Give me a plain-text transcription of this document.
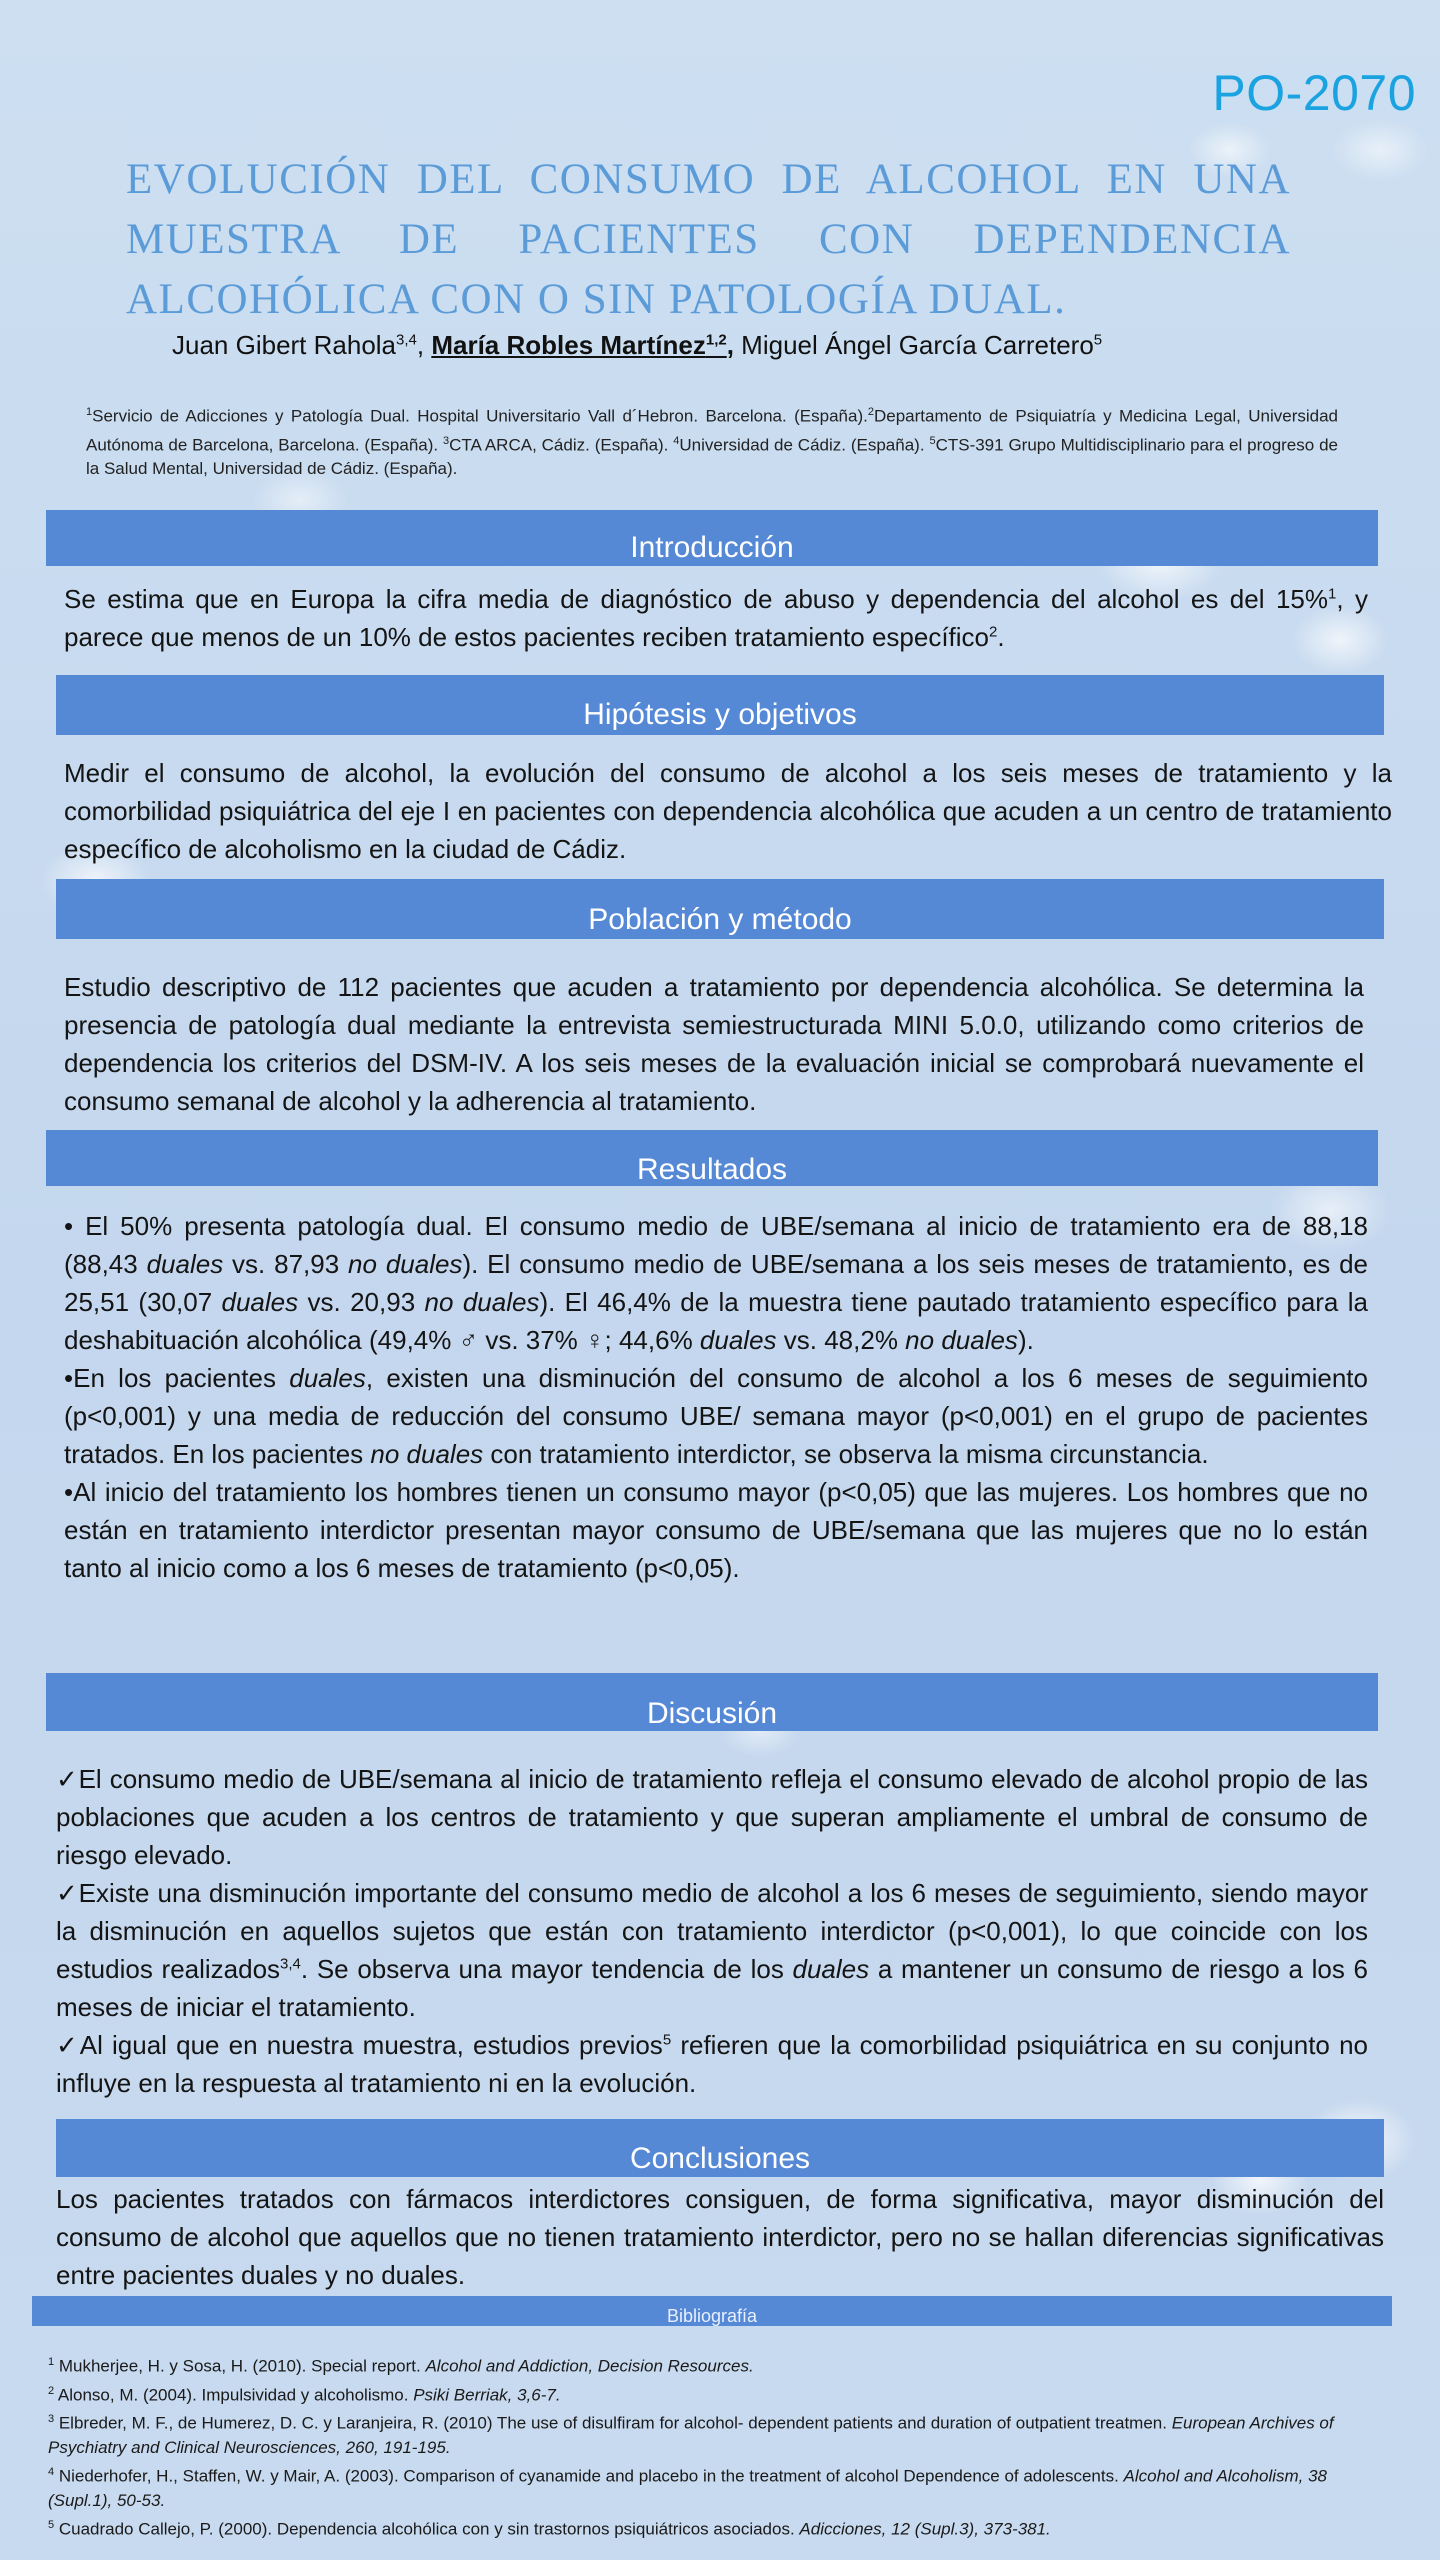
PO-2070
EVOLUCIÓN DEL CONSUMO DE ALCOHOL EN UNA
MUESTRA DE PACIENTES CON DEPENDENCIA
ALCOHÓLICA CON O SIN PATOLOGÍA DUAL.
Juan Gibert Rahola$^{3,4}$, María Robles Martínez$^{1,2}$, Miguel Ángel García Carretero$^5$
$^1$Servicio de Adicciones y Patología Dual. Hospital Universitario Vall d´Hebron. Barcelona. (España).$^2$Departamento de Psiquiatría y Medicina Legal, Universidad Autónoma de Barcelona, Barcelona. (España). $^3$CTA ARCA, Cádiz. (España). $^4$Universidad de Cádiz. (España). $^5$CTS-391 Grupo Multidisciplinario para el progreso de la Salud Mental, Universidad de Cádiz. (España).
Introducción
Se estima que en Europa la cifra media de diagnóstico de abuso y dependencia del alcohol es del 15%$^1$, y parece que menos de un 10% de estos pacientes reciben tratamiento específico$^2$.
Hipótesis y objetivos
Medir el consumo de alcohol, la evolución del consumo de alcohol a los seis meses de tratamiento y la comorbilidad psiquiátrica del eje I en pacientes con dependencia alcohólica que acuden a un centro de tratamiento específico de alcoholismo en la ciudad de Cádiz.
Población y método
Estudio descriptivo de 112 pacientes que acuden a tratamiento por dependencia alcohólica. Se determina la presencia de patología dual mediante la entrevista semiestructurada MINI 5.0.0, utilizando como criterios de dependencia los criterios del DSM-IV. A los seis meses de la evaluación inicial se comprobará nuevamente el consumo semanal de alcohol y la adherencia al tratamiento.
Resultados

• El 50% presenta patología dual. El consumo medio de UBE/semana al inicio de tratamiento era de 88,18 (88,43 duales vs. 87,93 no duales). El consumo medio de UBE/semana a los seis meses de tratamiento, es de 25,51 (30,07 duales vs. 20,93 no duales). El 46,4% de la muestra tiene pautado tratamiento específico para la deshabituación alcohólica (49,4% ♂ vs. 37% ♀; 44,6% duales vs. 48,2% no duales).

•En los pacientes duales, existen una disminución del consumo de alcohol a los 6 meses de seguimiento (p<0,001) y una media de reducción del consumo UBE/ semana mayor (p<0,001) en el grupo de pacientes tratados. En los pacientes no duales con tratamiento interdictor, se observa la misma circunstancia.

•Al inicio del tratamiento los hombres tienen un consumo mayor (p<0,05) que las mujeres. Los hombres que no están en tratamiento interdictor presentan mayor consumo de UBE/semana que las mujeres que no lo están tanto al inicio como a los 6 meses de tratamiento (p<0,05).

Discusión

✓El consumo medio de UBE/semana al inicio de tratamiento refleja el consumo elevado de alcohol propio de las poblaciones que acuden a los centros de tratamiento y que superan ampliamente el umbral de consumo de riesgo elevado.

✓Existe una disminución importante del consumo medio de alcohol a los 6 meses de seguimiento, siendo mayor la disminución en aquellos sujetos que están con tratamiento interdictor (p<0,001), lo que coincide con los estudios realizados$^{3,4}$. Se observa una mayor tendencia de los duales a mantener un consumo de riesgo a los 6 meses de iniciar el tratamiento.

✓Al igual que en nuestra muestra, estudios previos$^5$ refieren que la comorbilidad psiquiátrica en su conjunto no influye en la respuesta al tratamiento ni en la evolución.

Conclusiones
Los pacientes tratados con fármacos interdictores consiguen, de forma significativa, mayor disminución del consumo de alcohol que aquellos que no tienen tratamiento interdictor, pero no se hallan diferencias significativas entre pacientes duales y no duales.
Bibliografía

$^1$ Mukherjee, H. y Sosa, H. (2010). Special report. Alcohol and Addiction, Decision Resources.

$^2$ Alonso, M. (2004). Impulsividad y alcoholismo. Psiki Berriak, 3,6-7.

$^3$ Elbreder, M. F., de Humerez, D. C. y Laranjeira, R. (2010) The use of disulfiram for alcohol- dependent patients and duration of outpatient treatmen. European Archives of Psychiatry and Clinical Neurosciences, 260, 191-195.

$^4$ Niederhofer, H., Staffen, W. y Mair, A. (2003). Comparison of cyanamide and placebo in the treatment of alcohol Dependence of adolescents. Alcohol and Alcoholism, 38 (Supl.1), 50-53.

$^5$ Cuadrado Callejo, P. (2000). Dependencia alcohólica con y sin trastornos psiquiátricos asociados. Adicciones, 12 (Supl.3), 373-381.
